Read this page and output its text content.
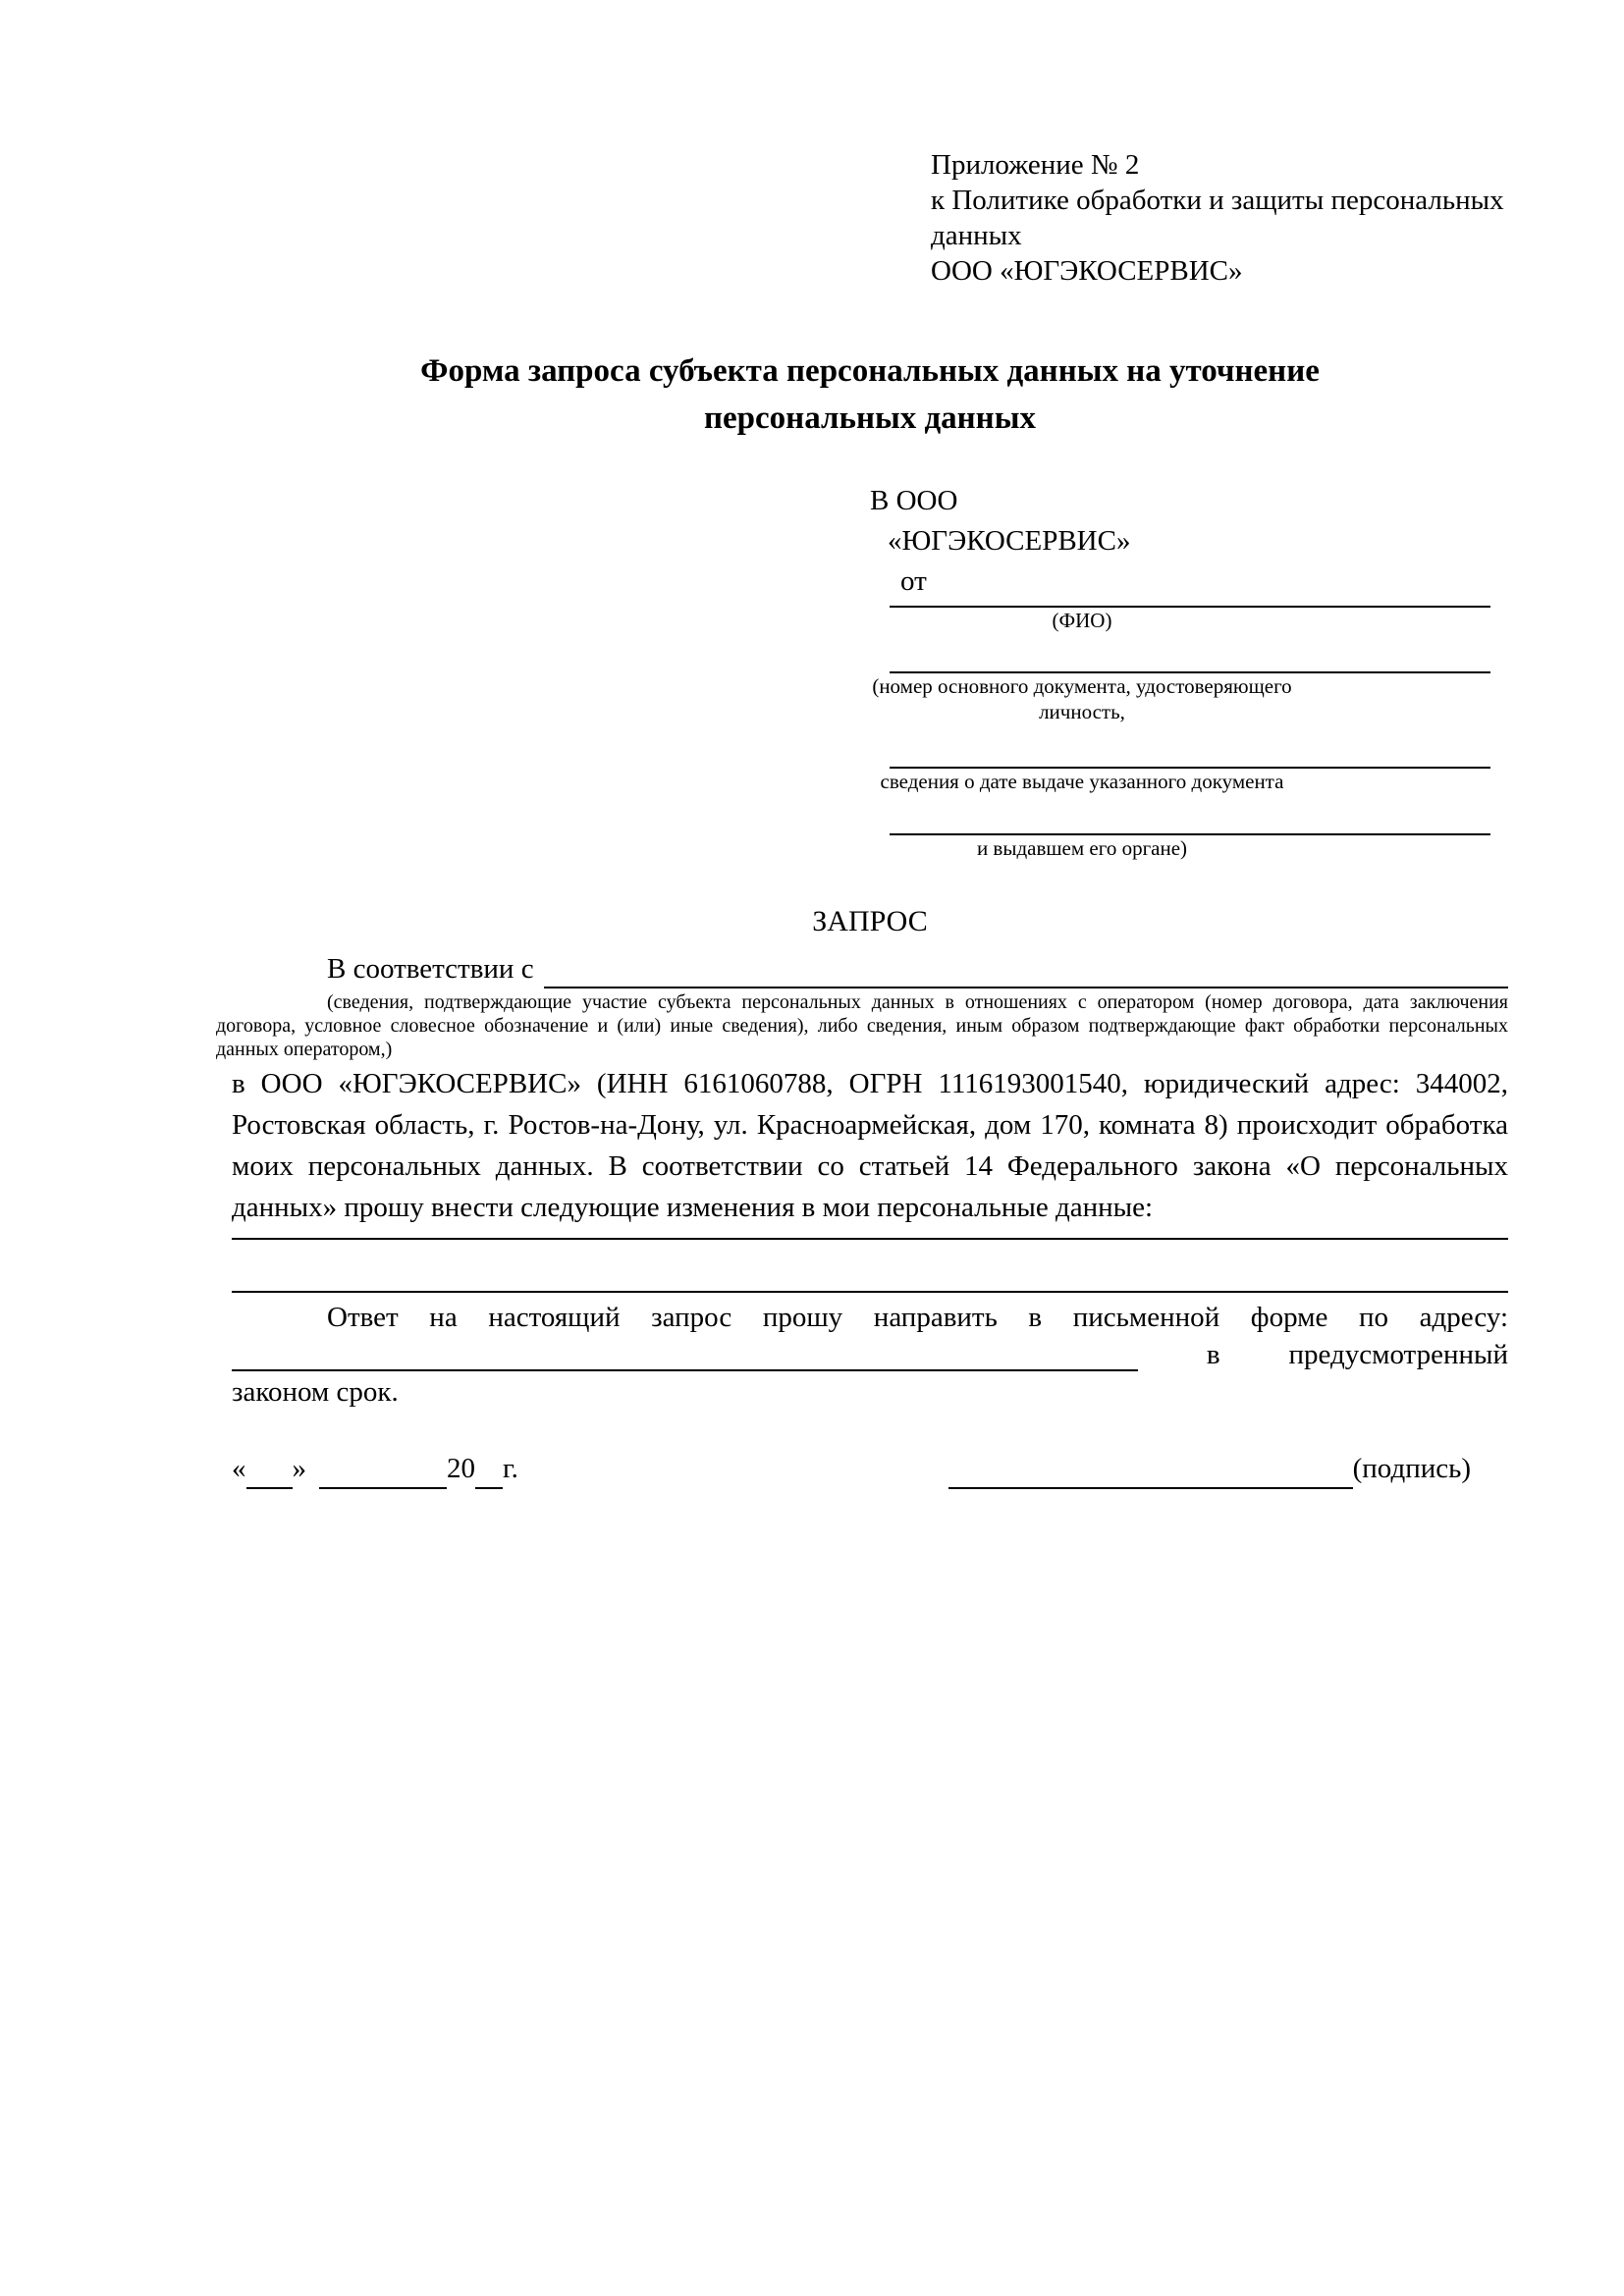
Приложение № 2
к Политике обработки и защиты персональных
данных
ООО «ЮГЭКОСЕРВИС»
Форма запроса субъекта персональных данных на уточнение
персональных данных
В ООО
«ЮГЭКОСЕРВИС»
от
(ФИО)
(номер основного документа, удостоверяющего личность,
сведения о дате выдаче указанного документа
и выдавшем его органе)
ЗАПРОС
В соответствии с
(сведения, подтверждающие участие субъекта персональных данных в отношениях с оператором (номер договора, дата заключения договора, условное словесное обозначение и (или) иные сведения), либо сведения, иным образом подтверждающие факт обработки персональных данных оператором,)
в ООО «ЮГЭКОСЕРВИС» (ИНН 6161060788, ОГРН 1116193001540, юридический адрес: 344002, Ростовская область, г. Ростов-на-Дону, ул. Красноармейская, дом 170, комната 8) происходит обработка моих персональных данных. В соответствии со статьей 14 Федерального закона «О персональных данных» прошу внести следующие изменения в мои персональные данные:
Ответ на настоящий запрос прошу направить в письменной форме по адресу:
в предусмотренный
законом срок.
« »	20 г.	(подпись)
